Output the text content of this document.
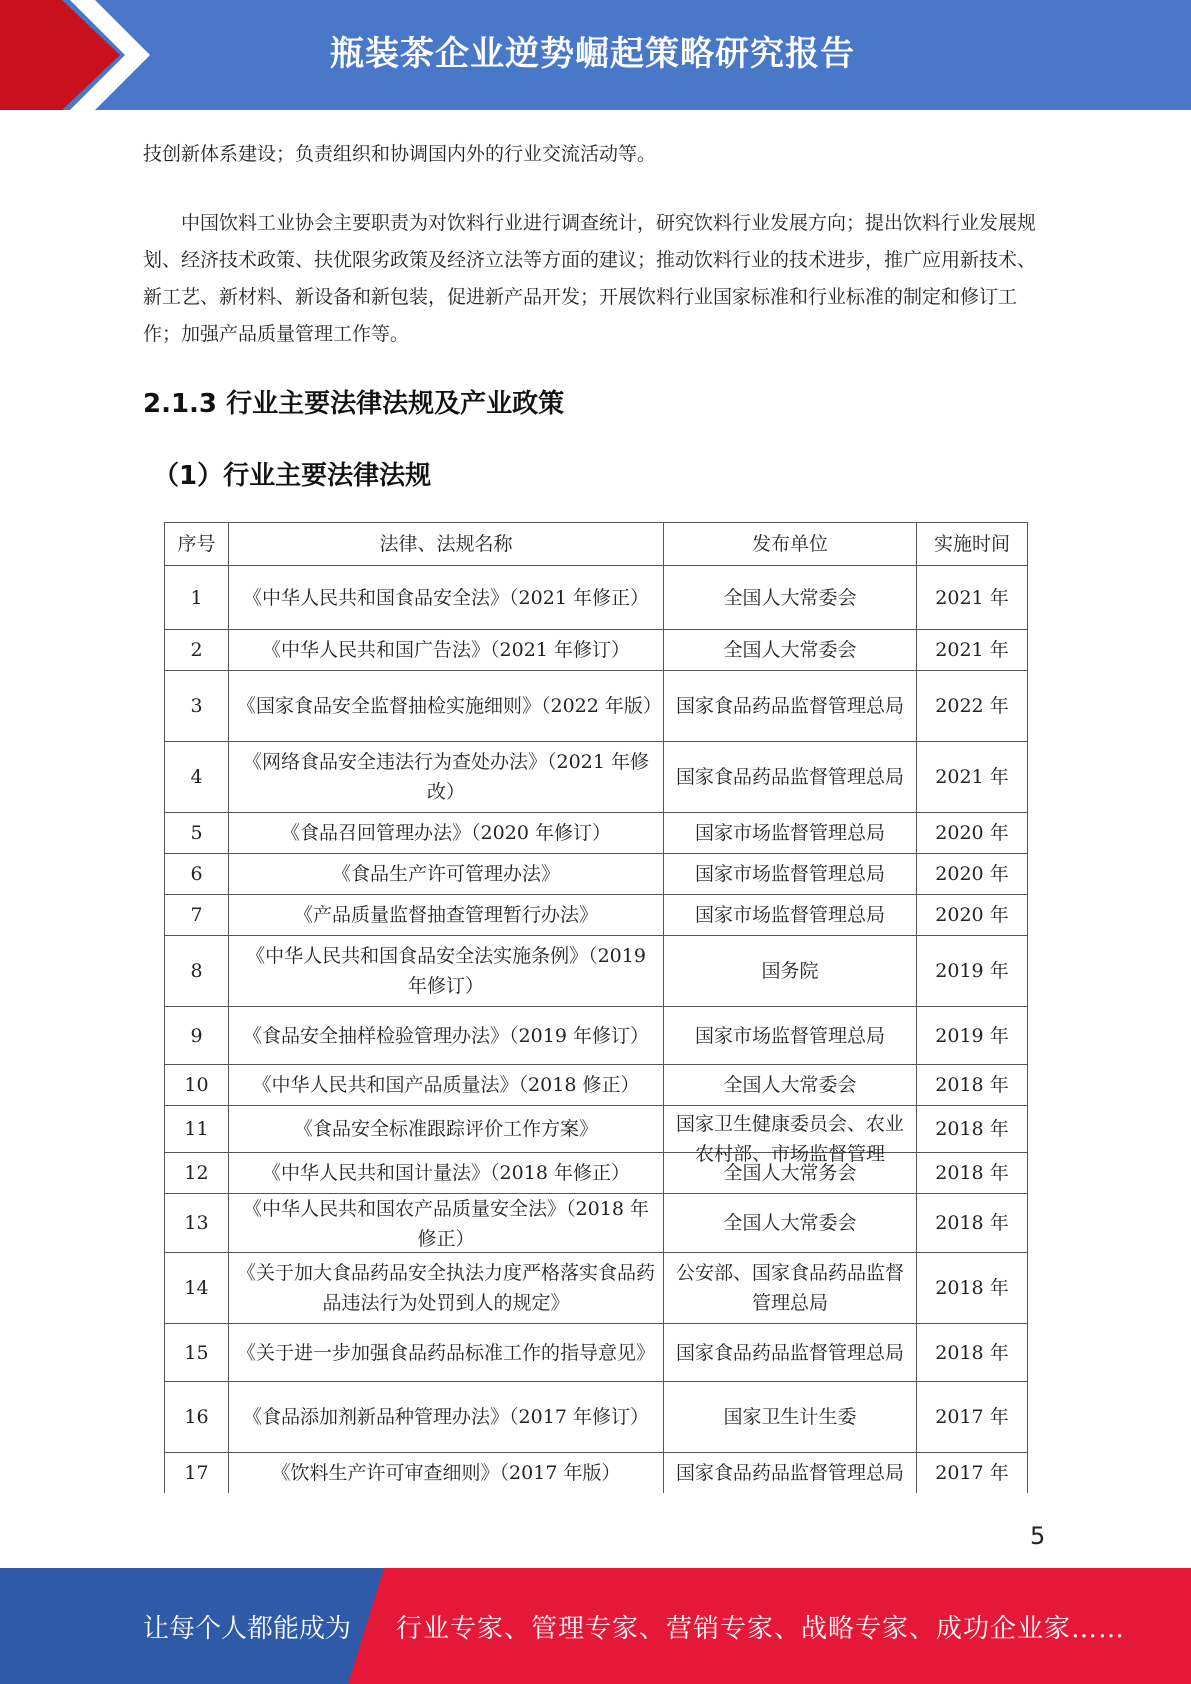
瓶装茶企业逆势崛起策略研究报告
技创新体系建设；负责组织和协调国内外的行业交流活动等。
中国饮料工业协会主要职责为对饮料行业进行调查统计，研究饮料行业发展方向；提出饮料行业发展规划、经济技术政策、扶优限劣政策及经济立法等方面的建议；推动饮料行业的技术进步，推广应用新技术、新工艺、新材料、新设备和新包装，促进新产品开发；开展饮料行业国家标准和行业标准的制定和修订工作；加强产品质量管理工作等。
2.1.3 行业主要法律法规及产业政策
（1）行业主要法律法规
序号	法律、法规名称	发布单位	实施时间
1	《中华人民共和国食品安全法》（2021 年修正）	全国人大常委会	2021 年
2	《中华人民共和国广告法》（2021 年修订）	全国人大常委会	2021 年
3	《国家食品安全监督抽检实施细则》（2022 年版）	国家食品药品监督管理总局	2022 年
4	《网络食品安全违法行为查处办法》（2021 年修改）	国家食品药品监督管理总局	2021 年
5	《食品召回管理办法》（2020 年修订）	国家市场监督管理总局	2020 年
6	《食品生产许可管理办法》	国家市场监督管理总局	2020 年
7	《产品质量监督抽查管理暂行办法》	国家市场监督管理总局	2020 年
8	《中华人民共和国食品安全法实施条例》（2019 年修订）	国务院	2019 年
9	《食品安全抽样检验管理办法》（2019 年修订）	国家市场监督管理总局	2019 年
10	《中华人民共和国产品质量法》（2018 修正）	全国人大常委会	2018 年
11	《食品安全标准跟踪评价工作方案》	国家卫生健康委员会、农业农村部、市场监督管理	2018 年
12	《中华人民共和国计量法》（2018 年修正）	全国人大常务会	2018 年
13	《中华人民共和国农产品质量安全法》（2018 年修正）	全国人大常委会	2018 年
14	《关于加大食品药品安全执法力度严格落实食品药品违法行为处罚到人的规定》	公安部、国家食品药品监督管理总局	2018 年
15	《关于进一步加强食品药品标准工作的指导意见》	国家食品药品监督管理总局	2018 年
16	《食品添加剂新品种管理办法》（2017 年修订）	国家卫生计生委	2017 年
17	《饮料生产许可审查细则》（2017 年版）	国家食品药品监督管理总局	2017 年
5
让每个人都能成为 行业专家、管理专家、营销专家、战略专家、成功企业家……
